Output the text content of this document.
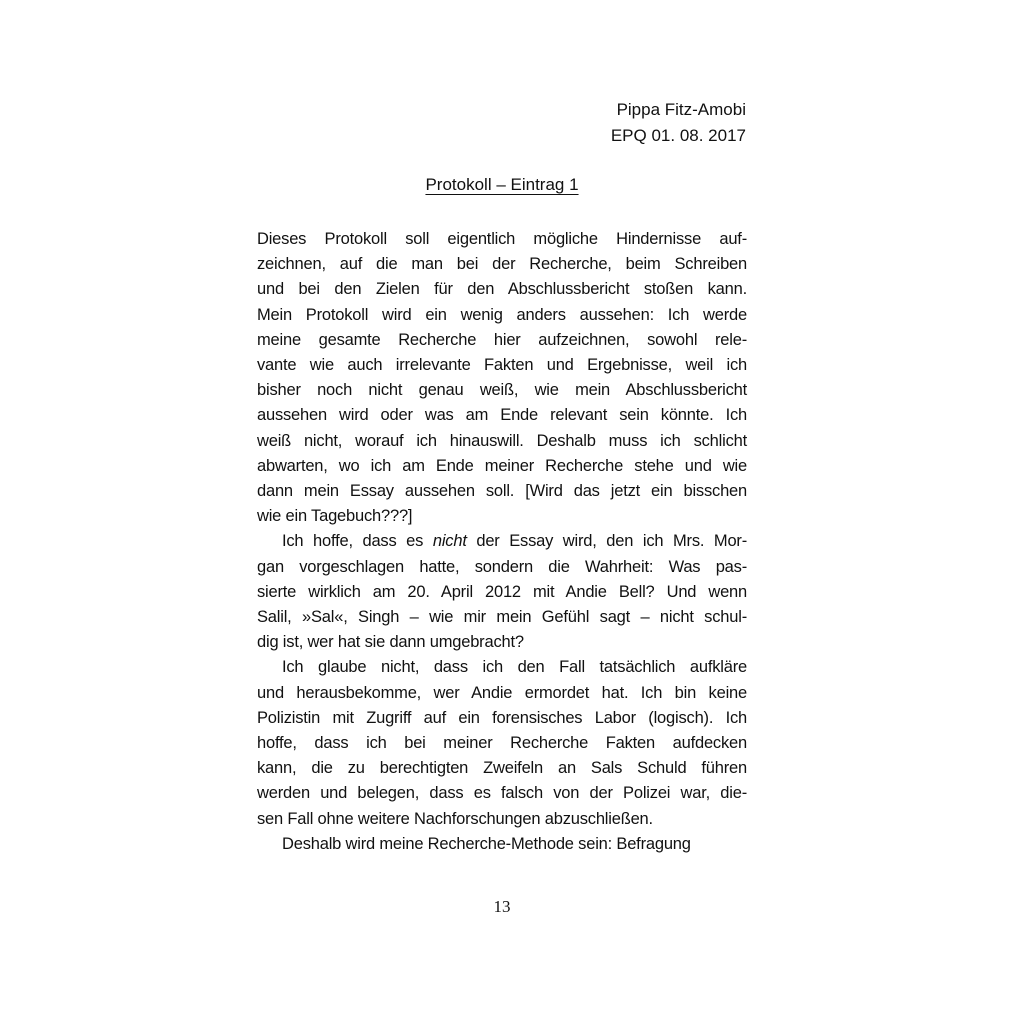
Pippa Fitz-Amobi
EPQ 01. 08. 2017
Protokoll – Eintrag 1
Dieses Protokoll soll eigentlich mögliche Hindernisse auf-
zeichnen, auf die man bei der Recherche, beim Schreiben
und bei den Zielen für den Abschlussbericht stoßen kann.
Mein Protokoll wird ein wenig anders aussehen: Ich werde
meine gesamte Recherche hier aufzeichnen, sowohl rele-
vante wie auch irrelevante Fakten und Ergebnisse, weil ich
bisher noch nicht genau weiß, wie mein Abschlussbericht
aussehen wird oder was am Ende relevant sein könnte. Ich
weiß nicht, worauf ich hinauswill. Deshalb muss ich schlicht
abwarten, wo ich am Ende meiner Recherche stehe und wie
dann mein Essay aussehen soll. [Wird das jetzt ein bisschen
wie ein Tagebuch???]
Ich hoffe, dass es nicht der Essay wird, den ich Mrs. Mor-
gan vorgeschlagen hatte, sondern die Wahrheit: Was pas-
sierte wirklich am 20. April 2012 mit Andie Bell? Und wenn
Salil, »Sal«, Singh – wie mir mein Gefühl sagt – nicht schul-
dig ist, wer hat sie dann umgebracht?
Ich glaube nicht, dass ich den Fall tatsächlich aufkläre
und herausbekomme, wer Andie ermordet hat. Ich bin keine
Polizistin mit Zugriff auf ein forensisches Labor (logisch). Ich
hoffe, dass ich bei meiner Recherche Fakten aufdecken
kann, die zu berechtigten Zweifeln an Sals Schuld führen
werden und belegen, dass es falsch von der Polizei war, die-
sen Fall ohne weitere Nachforschungen abzuschließen.
Deshalb wird meine Recherche-Methode sein: Befragung
13
